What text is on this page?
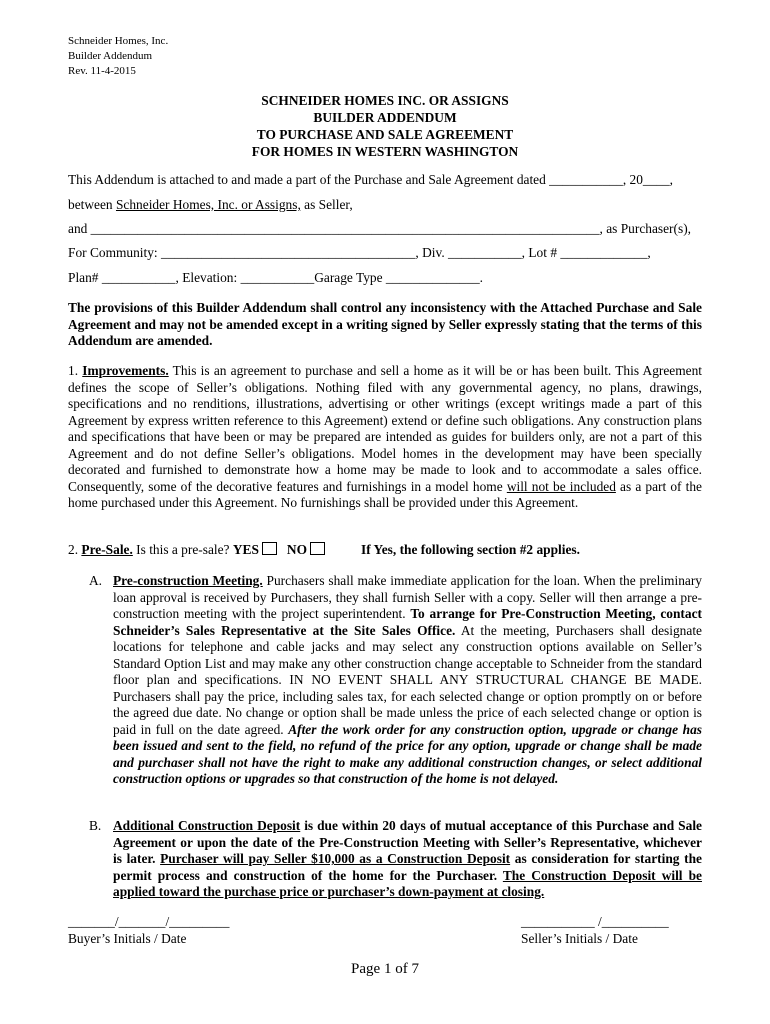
Schneider Homes, Inc.
Builder Addendum
Rev. 11-4-2015
SCHNEIDER HOMES INC. OR ASSIGNS
BUILDER ADDENDUM
TO PURCHASE AND SALE AGREEMENT
FOR HOMES IN WESTERN WASHINGTON
This Addendum is attached to and made a part of the Purchase and Sale Agreement dated ___________, 20____,
between Schneider Homes, Inc. or Assigns, as Seller,
and ____________________________________________________________________________, as Purchaser(s),
For Community: ______________________________________, Div. ___________, Lot # _____________,
Plan# ___________, Elevation: ___________Garage Type ______________.
The provisions of this Builder Addendum shall control any inconsistency with the Attached Purchase and Sale Agreement and may not be amended except in a writing signed by Seller expressly stating that the terms of this Addendum are amended.
1. Improvements. This is an agreement to purchase and sell a home as it will be or has been built. This Agreement defines the scope of Seller’s obligations. Nothing filed with any governmental agency, no plans, drawings, specifications and no renditions, illustrations, advertising or other writings (except writings made a part of this Agreement by express written reference to this Agreement) extend or define such obligations. Any construction plans and specifications that have been or may be prepared are intended as guides for builders only, are not a part of this Agreement and do not define Seller’s obligations. Model homes in the development may have been specially decorated and furnished to demonstrate how a home may be made to look and to accommodate a sales office. Consequently, some of the decorative features and furnishings in a model home will not be included as a part of the home purchased under this Agreement. No furnishings shall be provided under this Agreement.
2. Pre-Sale. Is this a pre-sale? YES NO	If Yes, the following section #2 applies.
A. Pre-construction Meeting. Purchasers shall make immediate application for the loan. When the preliminary loan approval is received by Purchasers, they shall furnish Seller with a copy. Seller will then arrange a pre-construction meeting with the project superintendent. To arrange for Pre-Construction Meeting, contact Schneider’s Sales Representative at the Site Sales Office. At the meeting, Purchasers shall designate locations for telephone and cable jacks and may select any construction options available on Seller’s Standard Option List and may make any other construction change acceptable to Schneider from the standard floor plan and specifications. IN NO EVENT SHALL ANY STRUCTURAL CHANGE BE MADE. Purchasers shall pay the price, including sales tax, for each selected change or option promptly on or before the agreed due date. No change or option shall be made unless the price of each selected change or option is paid in full on the date agreed. After the work order for any construction option, upgrade or change has been issued and sent to the field, no refund of the price for any option, upgrade or change shall be made and purchaser shall not have the right to make any additional construction changes, or select additional construction options or upgrades so that construction of the home is not delayed.
B. Additional Construction Deposit is due within 20 days of mutual acceptance of this Purchase and Sale Agreement or upon the date of the Pre-Construction Meeting with Seller’s Representative, whichever is later. Purchaser will pay Seller $10,000 as a Construction Deposit as consideration for starting the permit process and construction of the home for the Purchaser. The Construction Deposit will be applied toward the purchase price or purchaser’s down-payment at closing.
_______/_______/_________
Buyer’s Initials / Date
___________ /__________
Seller’s Initials / Date
Page 1 of 7
